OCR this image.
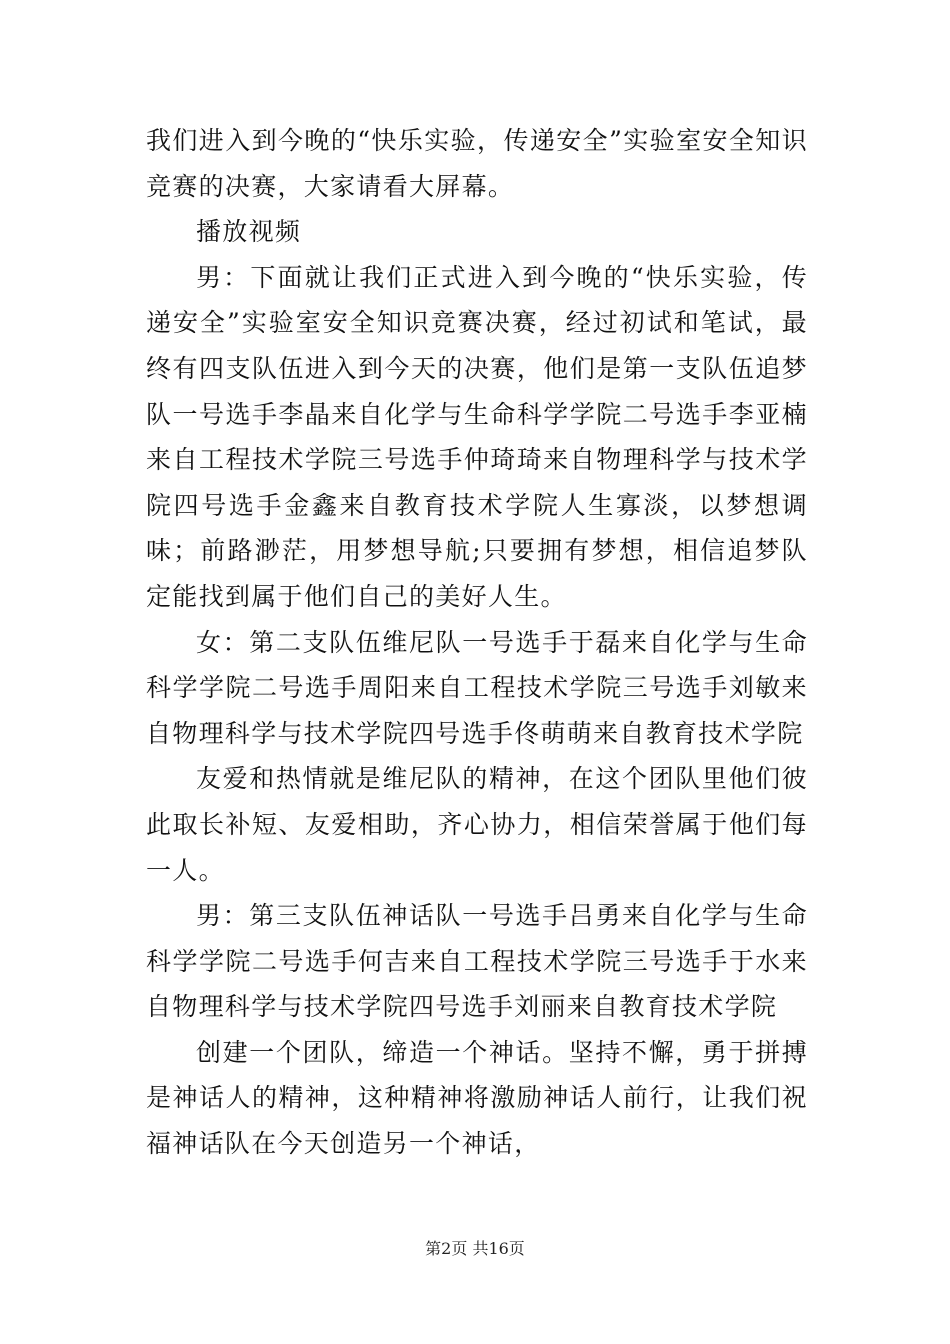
我们进入到今晚的“快乐实验，传递安全”实验室安全知识竞赛的决赛，大家请看大屏幕。

播放视频

男：下面就让我们正式进入到今晚的“快乐实验，传递安全”实验室安全知识竞赛决赛，经过初试和笔试，最终有四支队伍进入到今天的决赛，他们是第一支队伍追梦队一号选手李晶来自化学与生命科学学院二号选手李亚楠来自工程技术学院三号选手仲琦琦来自物理科学与技术学院四号选手金鑫来自教育技术学院人生寡淡，以梦想调味；前路渺茫，用梦想导航;只要拥有梦想，相信追梦队定能找到属于他们自己的美好人生。

女：第二支队伍维尼队一号选手于磊来自化学与生命科学学院二号选手周阳来自工程技术学院三号选手刘敏来自物理科学与技术学院四号选手佟萌萌来自教育技术学院

友爱和热情就是维尼队的精神，在这个团队里他们彼此取长补短、友爱相助，齐心协力，相信荣誉属于他们每一人。

男：第三支队伍神话队一号选手吕勇来自化学与生命科学学院二号选手何吉来自工程技术学院三号选手于水来自物理科学与技术学院四号选手刘丽来自教育技术学院

创建一个团队，缔造一个神话。坚持不懈，勇于拼搏是神话人的精神，这种精神将激励神话人前行，让我们祝福神话队在今天创造另一个神话，

第2页 共16页
